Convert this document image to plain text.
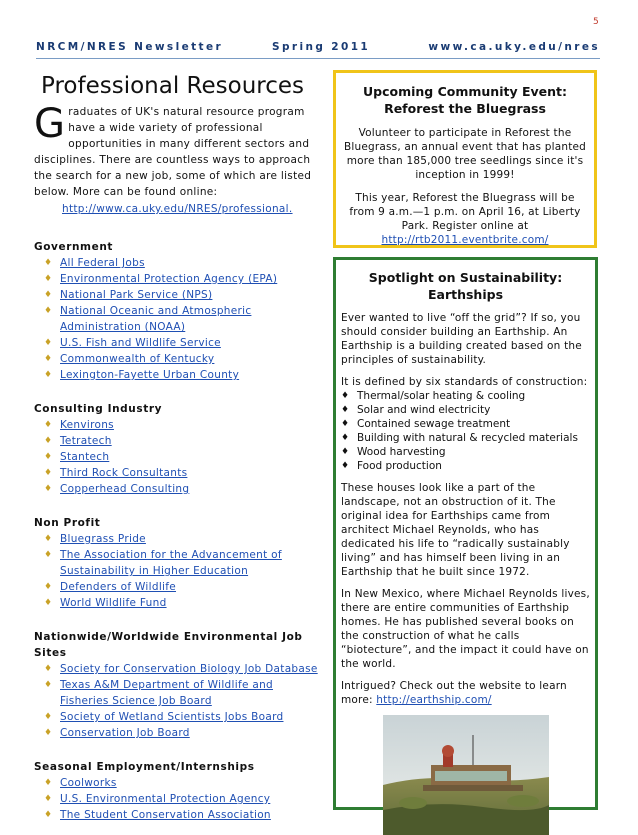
5
NRCM/NRES Newsletter	Spring 2011	www.ca.uky.edu/nres
Professional Resources

Graduates of UK's natural resource program have a wide variety of professional opportunities in many different sectors and disciplines. There are countless ways to approach the search for a new job, some of which are listed below. More can be found online:

http://www.ca.uky.edu/NRES/professional.
Government
♦ All Federal Jobs
♦ Environmental Protection Agency (EPA)
♦ National Park Service (NPS)
♦ National Oceanic and Atmospheric Administration (NOAA)
♦ U.S. Fish and Wildlife Service
♦ Commonwealth of Kentucky
♦ Lexington-Fayette Urban County
Consulting Industry
♦ Kenvirons
♦ Tetratech
♦ Stantech
♦ Third Rock Consultants
♦ Copperhead Consulting
Non Profit
♦ Bluegrass Pride
♦ The Association for the Advancement of Sustainability in Higher Education
♦ Defenders of Wildlife
♦ World Wildlife Fund
Nationwide/Worldwide Environmental Job Sites
♦ Society for Conservation Biology Job Database
♦ Texas A&M Department of Wildlife and Fisheries Science Job Board
♦ Society of Wetland Scientists Jobs Board
♦ Conservation Job Board
Seasonal Employment/Internships
♦ Coolworks
♦ U.S. Environmental Protection Agency
♦ The Student Conservation Association
Upcoming Community Event: Reforest the Bluegrass

Volunteer to participate in Reforest the Bluegrass, an annual event that has planted more than 185,000 tree seedlings since it's inception in 1999!

This year, Reforest the Bluegrass will be from 9 a.m.—1 p.m. on April 16, at Liberty Park. Register online at
http://rtb2011.eventbrite.com/

Spotlight on Sustainability: Earthships

Ever wanted to live “off the grid”? If so, you should consider building an Earthship. An Earthship is a building created based on the principles of sustainability.

It is defined by six standards of construction:

♦ Thermal/solar heating & cooling
♦ Solar and wind electricity
♦ Contained sewage treatment
♦ Building with natural & recycled materials
♦ Wood harvesting
♦ Food production

These houses look like a part of the landscape, not an obstruction of it. The original idea for Earthships came from architect Michael Reynolds, who has dedicated his life to “radically sustainably living” and has himself been living in an Earthship that he built since 1972.

In New Mexico, where Michael Reynolds lives, there are entire communities of Earthship homes. He has published several books on the construction of what he calls “biotecture”, and the impact it could have on the world.

Intrigued? Check out the website to learn more: http://earthship.com/
